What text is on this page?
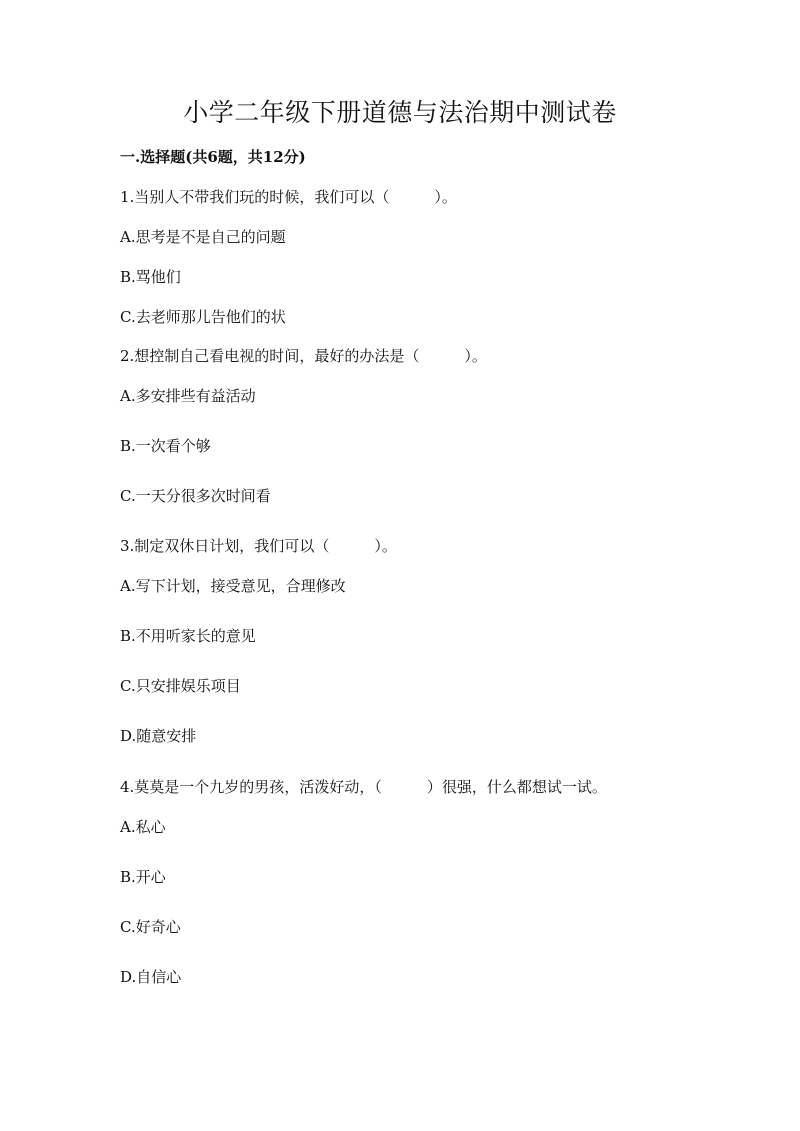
小学二年级下册道德与法治期中测试卷
一.选择题(共6题，共12分)
1.当别人不带我们玩的时候，我们可以（　　　）。
A.思考是不是自己的问题
B.骂他们
C.去老师那儿告他们的状
2.想控制自己看电视的时间，最好的办法是（　　　）。
A.多安排些有益活动
B.一次看个够
C.一天分很多次时间看
3.制定双休日计划，我们可以（　　　）。
A.写下计划，接受意见，合理修改
B.不用听家长的意见
C.只安排娱乐项目
D.随意安排
4.莫莫是一个九岁的男孩，活泼好动，（　　　）很强，什么都想试一试。
A.私心
B.开心
C.好奇心
D.自信心
